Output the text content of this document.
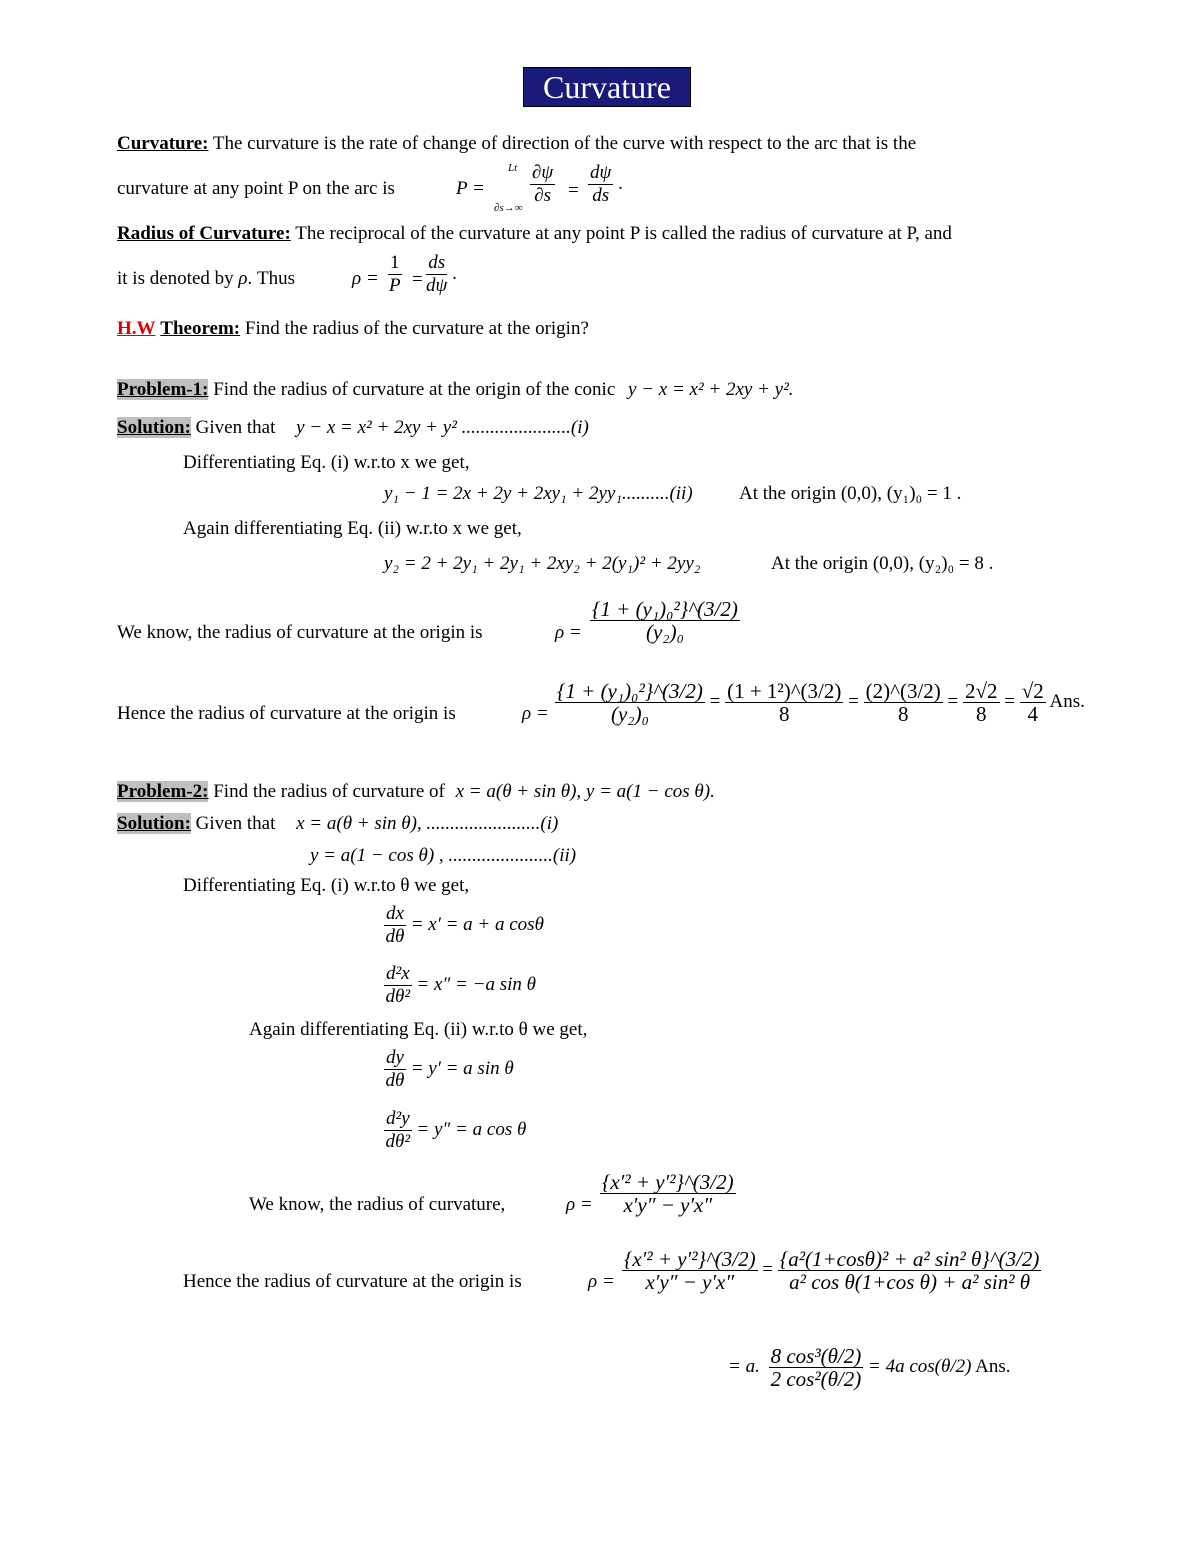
Curvature
Curvature: The curvature is the rate of change of direction of the curve with respect to the arc that is the
curvature at any point P on the arc is	P =
Lt
∂s→∞
$\frac{\partial\psi}{\partial s} = \frac{d\psi}{ds}$ .
Radius of Curvature: The reciprocal of the curvature at any point P is called the radius of curvature at P, and
it is denoted by ρ. Thus	$\rho = \frac{1}{P} = \frac{ds}{d\psi}$ .
H.W Theorem: Find the radius of the curvature at the origin?
Problem-1: Find the radius of curvature at the origin of the conic y − x = x² + 2xy + y².
Solution: Given that y − x = x² + 2xy + y² .......................(i)
Differentiating Eq. (i) w.r.to x we get,
y₁ − 1 = 2x + 2y + 2xy₁ + 2yy₁..........(ii) At the origin (0,0), (y₁)₀ = 1 .
Again differentiating Eq. (ii) w.r.to x we get,
y₂ = 2 + 2y₁ + 2y₁ + 2xy₂ + 2(y₁)² + 2yy₂	At the origin (0,0), (y₂)₀ = 8 .
We know, the radius of curvature at the origin is	$\rho = \frac{\text{\{1 + (y₁)₀²\}\textasciicircum{}(3/2)}}{\text{(y₂)₀}}$
Hence the radius of curvature at the origin is	$\rho = \frac{\text{\{1 + (y₁)₀²\}\textasciicircum{}(3/2)}}{\text{(y₂)₀}} = \frac{\text{(1 + 1²)\textasciicircum{}(3/2)}}{8} = \frac{(2)\^{}(3/2)}{8} = \frac{2√2}{8} = \frac{√2}{4}$ Ans.
Problem-2: Find the radius of curvature of x = a(θ + sin θ), y = a(1 − cos θ).
Solution: Given that x = a(θ + sin θ), ........................(i)
y = a(1 − cos θ) , ......................(ii)
Differentiating Eq. (i) w.r.to θ we get,
$\frac{dx}{d\theta} = x' = a + a$ cosθ
$\frac{\text{d²x}}{\text{dθ²}} = x'' = -a$ sin θ
Again differentiating Eq. (ii) w.r.to θ we get,
$\frac{dy}{d\theta} = y' = a$ sin θ
$\frac{\text{d²y}}{\text{dθ²}} = y'' = a$ cos θ
We know, the radius of curvature,	$\rho = \frac{\text{\{x′² + y′²\}\textasciicircum{}(3/2)}}{x'y'' - y'x''}$
Hence the radius of curvature at the origin is	$\rho = \frac{\text{\{x′² + y′²\}\textasciicircum{}(3/2)}}{x'y'' - y'x''} = \frac{\text{\{a²(1+cosθ)² + a² sin² θ\}\textasciicircum{}(3/2)}}{\text{a² cos θ(1+cos θ) + a² sin² θ}}$
= a. $\frac{\text{8 cos³(θ/2)}}{\text{2 cos²(θ/2)}} = 4a$ cos(θ/2) Ans.
